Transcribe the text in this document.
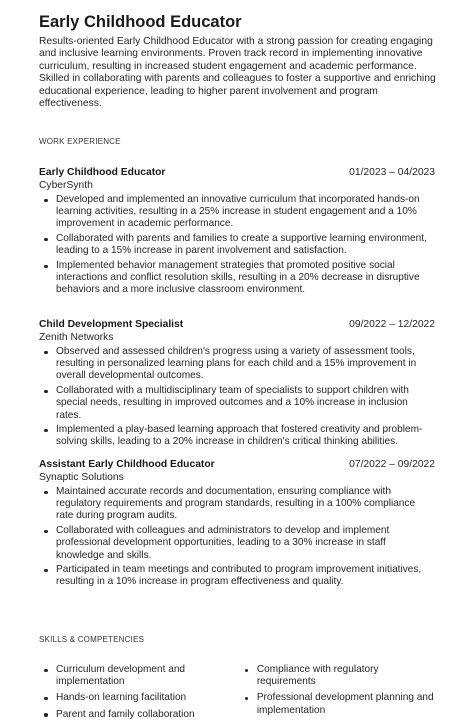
Early Childhood Educator

Results-oriented Early Childhood Educator with a strong passion for creating engaging and inclusive learning environments. Proven track record in implementing innovative curriculum, resulting in increased student engagement and academic performance. Skilled in collaborating with parents and colleagues to foster a supportive and enriching educational experience, leading to higher parent involvement and program effectiveness.

WORK EXPERIENCE
Early Childhood Educator	01/2023 – 04/2023
CyberSynth
Developed and implemented an innovative curriculum that incorporated hands-on learning activities, resulting in a 25% increase in student engagement and a 10% improvement in academic performance.
Collaborated with parents and families to create a supportive learning environment, leading to a 15% increase in parent involvement and satisfaction.
Implemented behavior management strategies that promoted positive social interactions and conflict resolution skills, resulting in a 20% decrease in disruptive behaviors and a more inclusive classroom environment.
Child Development Specialist	09/2022 – 12/2022
Zenith Networks
Observed and assessed children's progress using a variety of assessment tools, resulting in personalized learning plans for each child and a 15% improvement in overall developmental outcomes.
Collaborated with a multidisciplinary team of specialists to support children with special needs, resulting in improved outcomes and a 10% increase in inclusion rates.
Implemented a play-based learning approach that fostered creativity and problem-solving skills, leading to a 20% increase in children's critical thinking abilities.
Assistant Early Childhood Educator	07/2022 – 09/2022
Synaptic Solutions
Maintained accurate records and documentation, ensuring compliance with regulatory requirements and program standards, resulting in a 100% compliance rate during program audits.
Collaborated with colleagues and administrators to develop and implement professional development opportunities, leading to a 30% increase in staff knowledge and skills.
Participated in team meetings and contributed to program improvement initiatives, resulting in a 10% increase in program effectiveness and quality.
SKILLS & COMPETENCIES
Curriculum development and implementation
Hands-on learning facilitation
Parent and family collaboration
Compliance with regulatory requirements
Professional development planning and implementation
